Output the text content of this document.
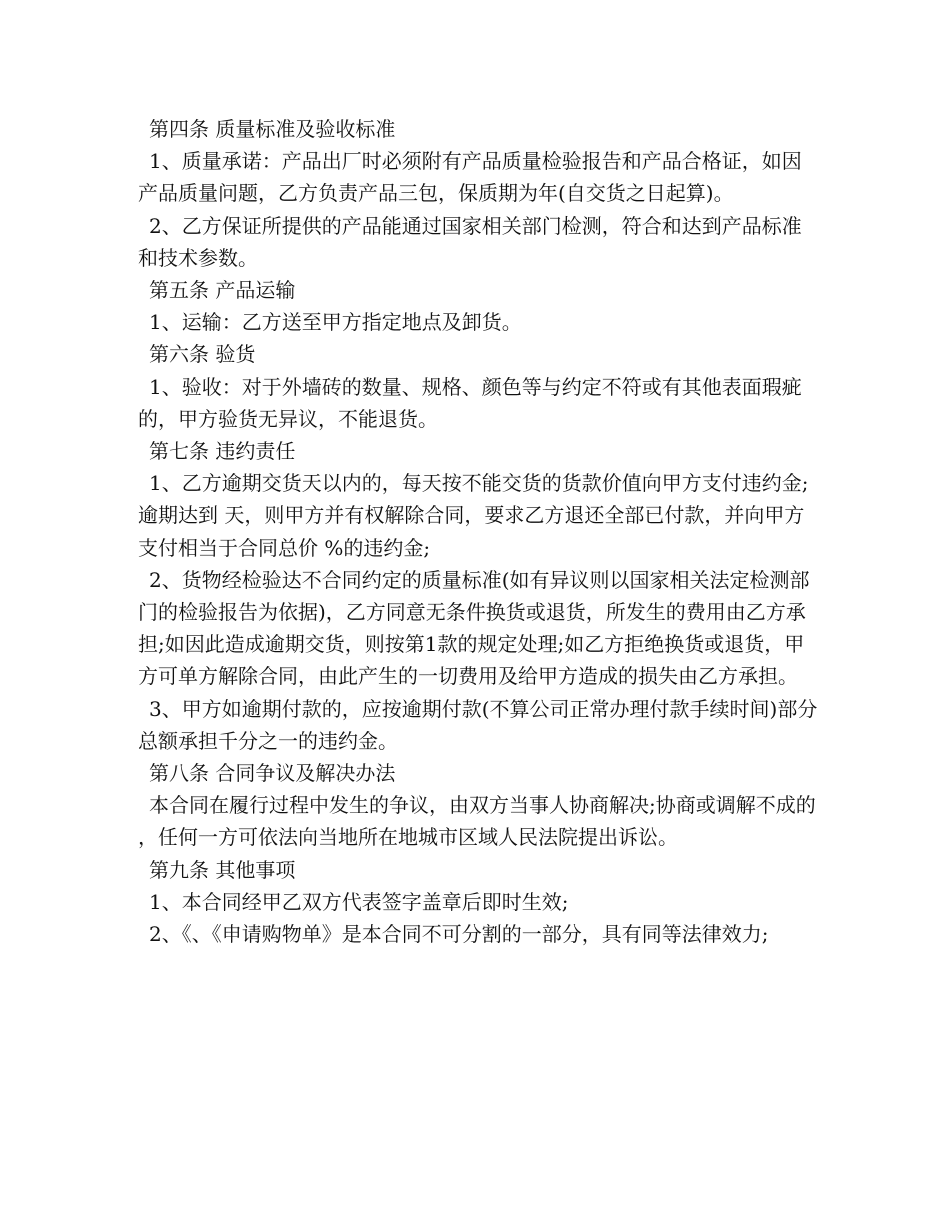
第四条 质量标准及验收标准

1、质量承诺：产品出厂时必须附有产品质量检验报告和产品合格证，如因产品质量问题，乙方负责产品三包，保质期为年(自交货之日起算)。

2、乙方保证所提供的产品能通过国家相关部门检测，符合和达到产品标准和技术参数。

第五条 产品运输

1、运输：乙方送至甲方指定地点及卸货。

第六条 验货

1、验收：对于外墙砖的数量、规格、颜色等与约定不符或有其他表面瑕疵的，甲方验货无异议，不能退货。

第七条 违约责任

1、乙方逾期交货天以内的，每天按不能交货的货款价值向甲方支付违约金;逾期达到 天，则甲方并有权解除合同，要求乙方退还全部已付款，并向甲方支付相当于合同总价 %的违约金;

2、货物经检验达不合同约定的质量标准(如有异议则以国家相关法定检测部门的检验报告为依据)，乙方同意无条件换货或退货，所发生的费用由乙方承担;如因此造成逾期交货，则按第1款的规定处理;如乙方拒绝换货或退货，甲方可单方解除合同，由此产生的一切费用及给甲方造成的损失由乙方承担。

3、甲方如逾期付款的，应按逾期付款(不算公司正常办理付款手续时间)部分总额承担千分之一的违约金。

第八条 合同争议及解决办法

本合同在履行过程中发生的争议，由双方当事人协商解决;协商或调解不成的，任何一方可依法向当地所在地城市区域人民法院提出诉讼。

第九条 其他事项

1、本合同经甲乙双方代表签字盖章后即时生效;

2、《、《申请购物单》是本合同不可分割的一部分，具有同等法律效力;
